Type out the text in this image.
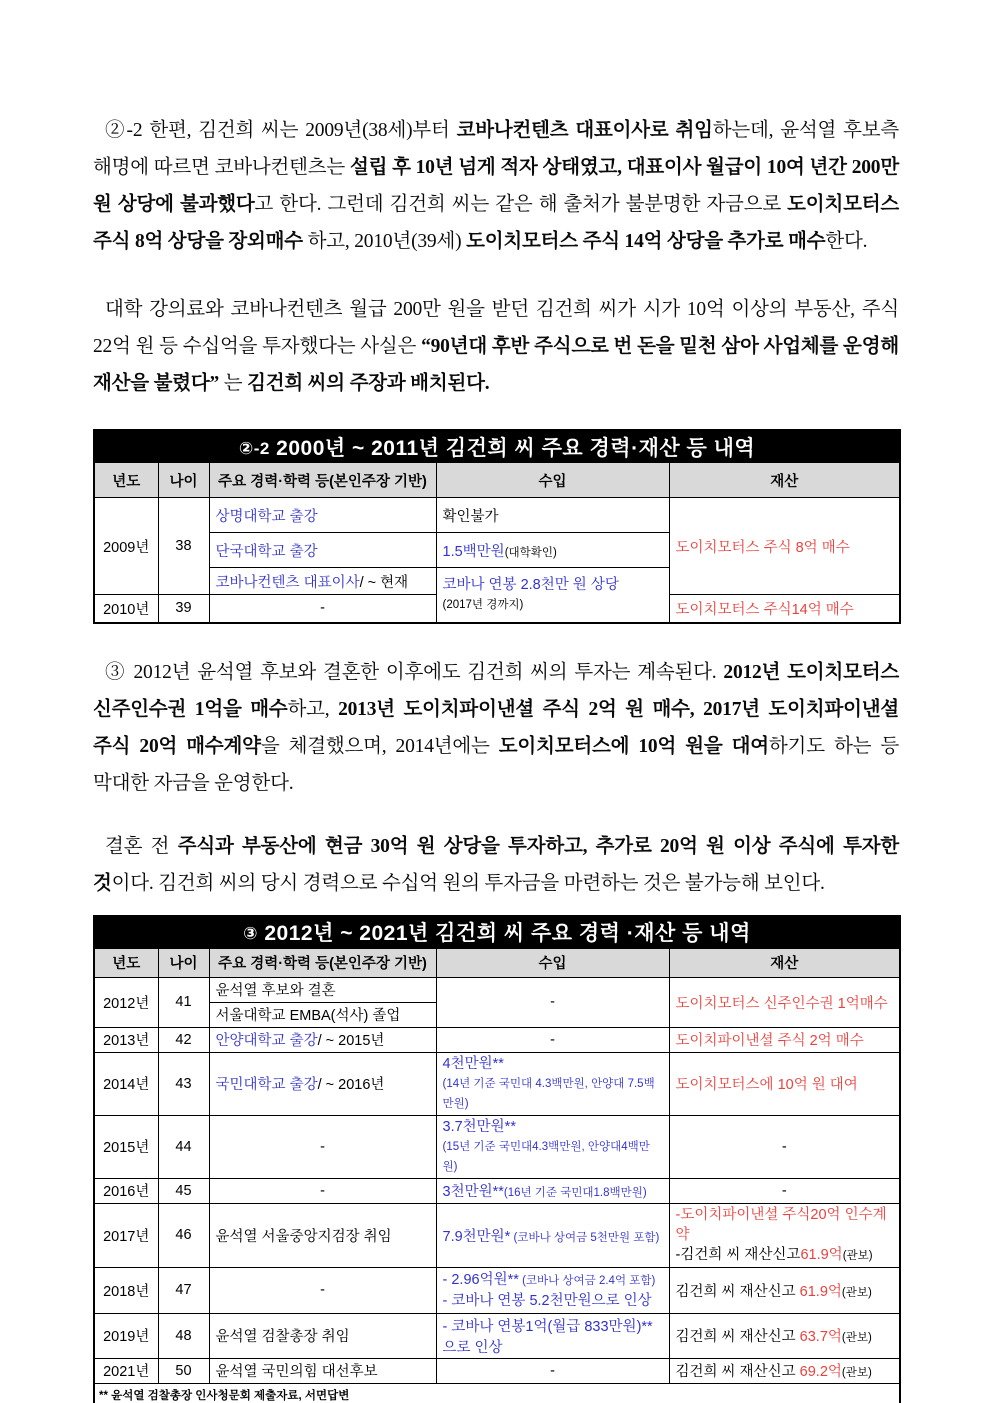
②-2 한편, 김건희 씨는 2009년(38세)부터 코바나컨텐츠 대표이사로 취임하는데, 윤석열 후보측 해명에 따르면 코바나컨텐츠는 설립 후 10년 넘게 적자 상태였고, 대표이사 월급이 10여 년간 200만 원 상당에 불과했다고 한다. 그런데 김건희 씨는 같은 해 출처가 불분명한 자금으로 도이치모터스 주식 8억 상당을 장외매수 하고, 2010년(39세) 도이치모터스 주식 14억 상당을 추가로 매수한다.

대학 강의료와 코바나컨텐츠 월급 200만 원을 받던 김건희 씨가 시가 10억 이상의 부동산, 주식 22억 원 등 수십억을 투자했다는 사실은 “90년대 후반 주식으로 번 돈을 밑천 삼아 사업체를 운영해 재산을 불렸다” 는 김건희 씨의 주장과 배치된다.

②-2 2000년 ~ 2011년 김건희 씨 주요 경력·재산 등 내역				
년도	나이	주요 경력·학력 등(본인주장 기반)	수입	재산
2009년	38	상명대학교 출강	확인불가	도이치모터스 주식 8억 매수
		단국대학교 출강	1.5백만원(대학확인)	
		코바나컨텐츠 대표이사/ ~ 현재	코바나 연봉 2.8천만 원 상당
(2017년 경까지)	

2010년	39	-		도이치모터스 주식14억 매수

③ 2012년 윤석열 후보와 결혼한 이후에도 김건희 씨의 투자는 계속된다. 2012년 도이치모터스 신주인수권 1억을 매수하고, 2013년 도이치파이낸셜 주식 2억 원 매수, 2017년 도이치파이낸셜 주식 20억 매수계약을 체결했으며, 2014년에는 도이치모터스에 10억 원을 대여하기도 하는 등 막대한 자금을 운영한다.

결혼 전 주식과 부동산에 현금 30억 원 상당을 투자하고, 추가로 20억 원 이상 주식에 투자한 것이다. 김건희 씨의 당시 경력으로 수십억 원의 투자금을 마련하는 것은 불가능해 보인다.

③ 2012년 ~ 2021년 김건희 씨 주요 경력 ·재산 등 내역				
년도	나이	주요 경력·학력 등(본인주장 기반)	수입	재산
2012년	41	윤석열 후보와 결혼	-	도이치모터스 신주인수권 1억매수
		서울대학교 EMBA(석사) 졸업		
2013년	42	안양대학교 출강/ ~ 2015년	-	도이치파이낸셜 주식 2억 매수
2014년	43	국민대학교 출강/ ~ 2016년	4천만원**
(14년 기준 국민대 4.3백만원, 안양대 7.5백만원)	도이치모터스에 10억 원 대여
2015년	44	-	3.7천만원**
(15년 기준 국민대4.3백만원, 안양대4백만원)	-
2016년	45	-	3천만원**(16년 기준 국민대1.8백만원)	-
2017년	46	윤석열 서울중앙지검장 취임	7.9천만원* (코바나 상여금 5천만원 포함)	-도이치파이낸셜 주식20억 인수계약
-김건희 씨 재산신고61.9억(관보)

2018년	47	-	- 2.96억원** (코바나 상여금 2.4억 포함)
- 코바나 연봉 5.2천만원으로 인상	김건희 씨 재산신고 61.9억(관보)
2019년	48	윤석열 검찰총장 취임	- 코바나 연봉1억(월급 833만원)**으로 인상	김건희 씨 재산신고 63.7억(관보)
2021년	50	윤석열 국민의힘 대선후보	-	김건희 씨 재산신고 69.2억(관보)
** 윤석열 검찰총장 인사청문회 제출자료, 서면답변				
